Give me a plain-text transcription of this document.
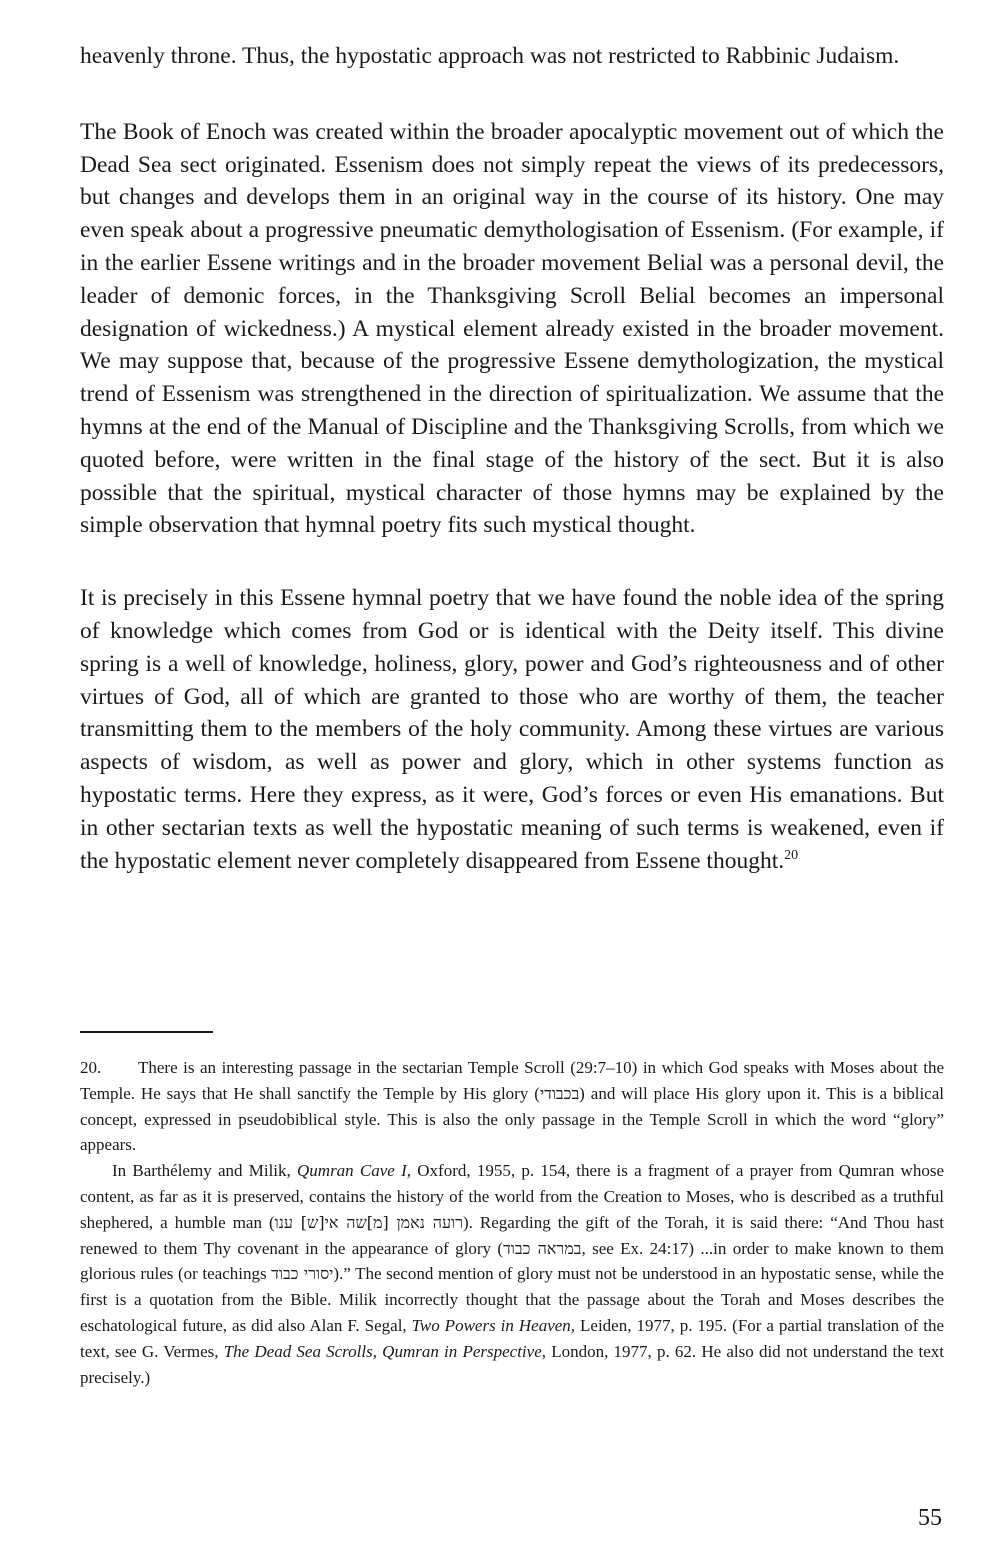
heavenly throne. Thus, the hypostatic approach was not restricted to Rabbinic Judaism.

The Book of Enoch was created within the broader apocalyptic movement out of which the Dead Sea sect originated. Essenism does not simply repeat the views of its predecessors, but changes and develops them in an original way in the course of its history. One may even speak about a progressive pneumatic demythologisation of Essenism. (For example, if in the earlier Essene writings and in the broader movement Belial was a personal devil, the leader of demonic forces, in the Thanksgiving Scroll Belial becomes an impersonal designation of wickedness.) A mystical element already existed in the broader movement. We may suppose that, because of the progressive Essene demythologization, the mystical trend of Essenism was strengthened in the direction of spiritualization. We assume that the hymns at the end of the Manual of Discipline and the Thanksgiving Scrolls, from which we quoted before, were written in the final stage of the history of the sect. But it is also possible that the spiritual, mystical character of those hymns may be explained by the simple observation that hymnal poetry fits such mystical thought.

It is precisely in this Essene hymnal poetry that we have found the noble idea of the spring of knowledge which comes from God or is identical with the Deity itself. This divine spring is a well of knowledge, holiness, glory, power and God’s righteousness and of other virtues of God, all of which are granted to those who are worthy of them, the teacher transmitting them to the members of the holy community. Among these virtues are various aspects of wisdom, as well as power and glory, which in other systems function as hypostatic terms. Here they express, as it were, God’s forces or even His emanations. But in other sectarian texts as well the hypostatic meaning of such terms is weakened, even if the hypostatic element never completely disappeared from Essene thought.$^{20}$

20. There is an interesting passage in the sectarian Temple Scroll (29:7–10) in which God speaks with Moses about the Temple. He says that He shall sanctify the Temple by His glory (בכבודי) and will place His glory upon it. This is a biblical concept, expressed in pseudobiblical style. This is also the only passage in the Temple Scroll in which the word “glory” appears.

In Barthélemy and Milik, Qumran Cave I, Oxford, 1955, p. 154, there is a fragment of a prayer from Qumran whose content, as far as it is preserved, contains the history of the world from the Creation to Moses, who is described as a truthful shephered, a humble man (רועה נאמן [מ]שה אי[ש] ענו). Regarding the gift of the Torah, it is said there: “And Thou hast renewed to them Thy covenant in the appearance of glory (במראה כבוד, see Ex. 24:17) ...in order to make known to them glorious rules (or teachings יסורי כבוד).” The second mention of glory must not be understood in an hypostatic sense, while the first is a quotation from the Bible. Milik incorrectly thought that the passage about the Torah and Moses describes the eschatological future, as did also Alan F. Segal, Two Powers in Heaven, Leiden, 1977, p. 195. (For a partial translation of the text, see G. Vermes, The Dead Sea Scrolls, Qumran in Perspective, London, 1977, p. 62. He also did not understand the text precisely.)

55
